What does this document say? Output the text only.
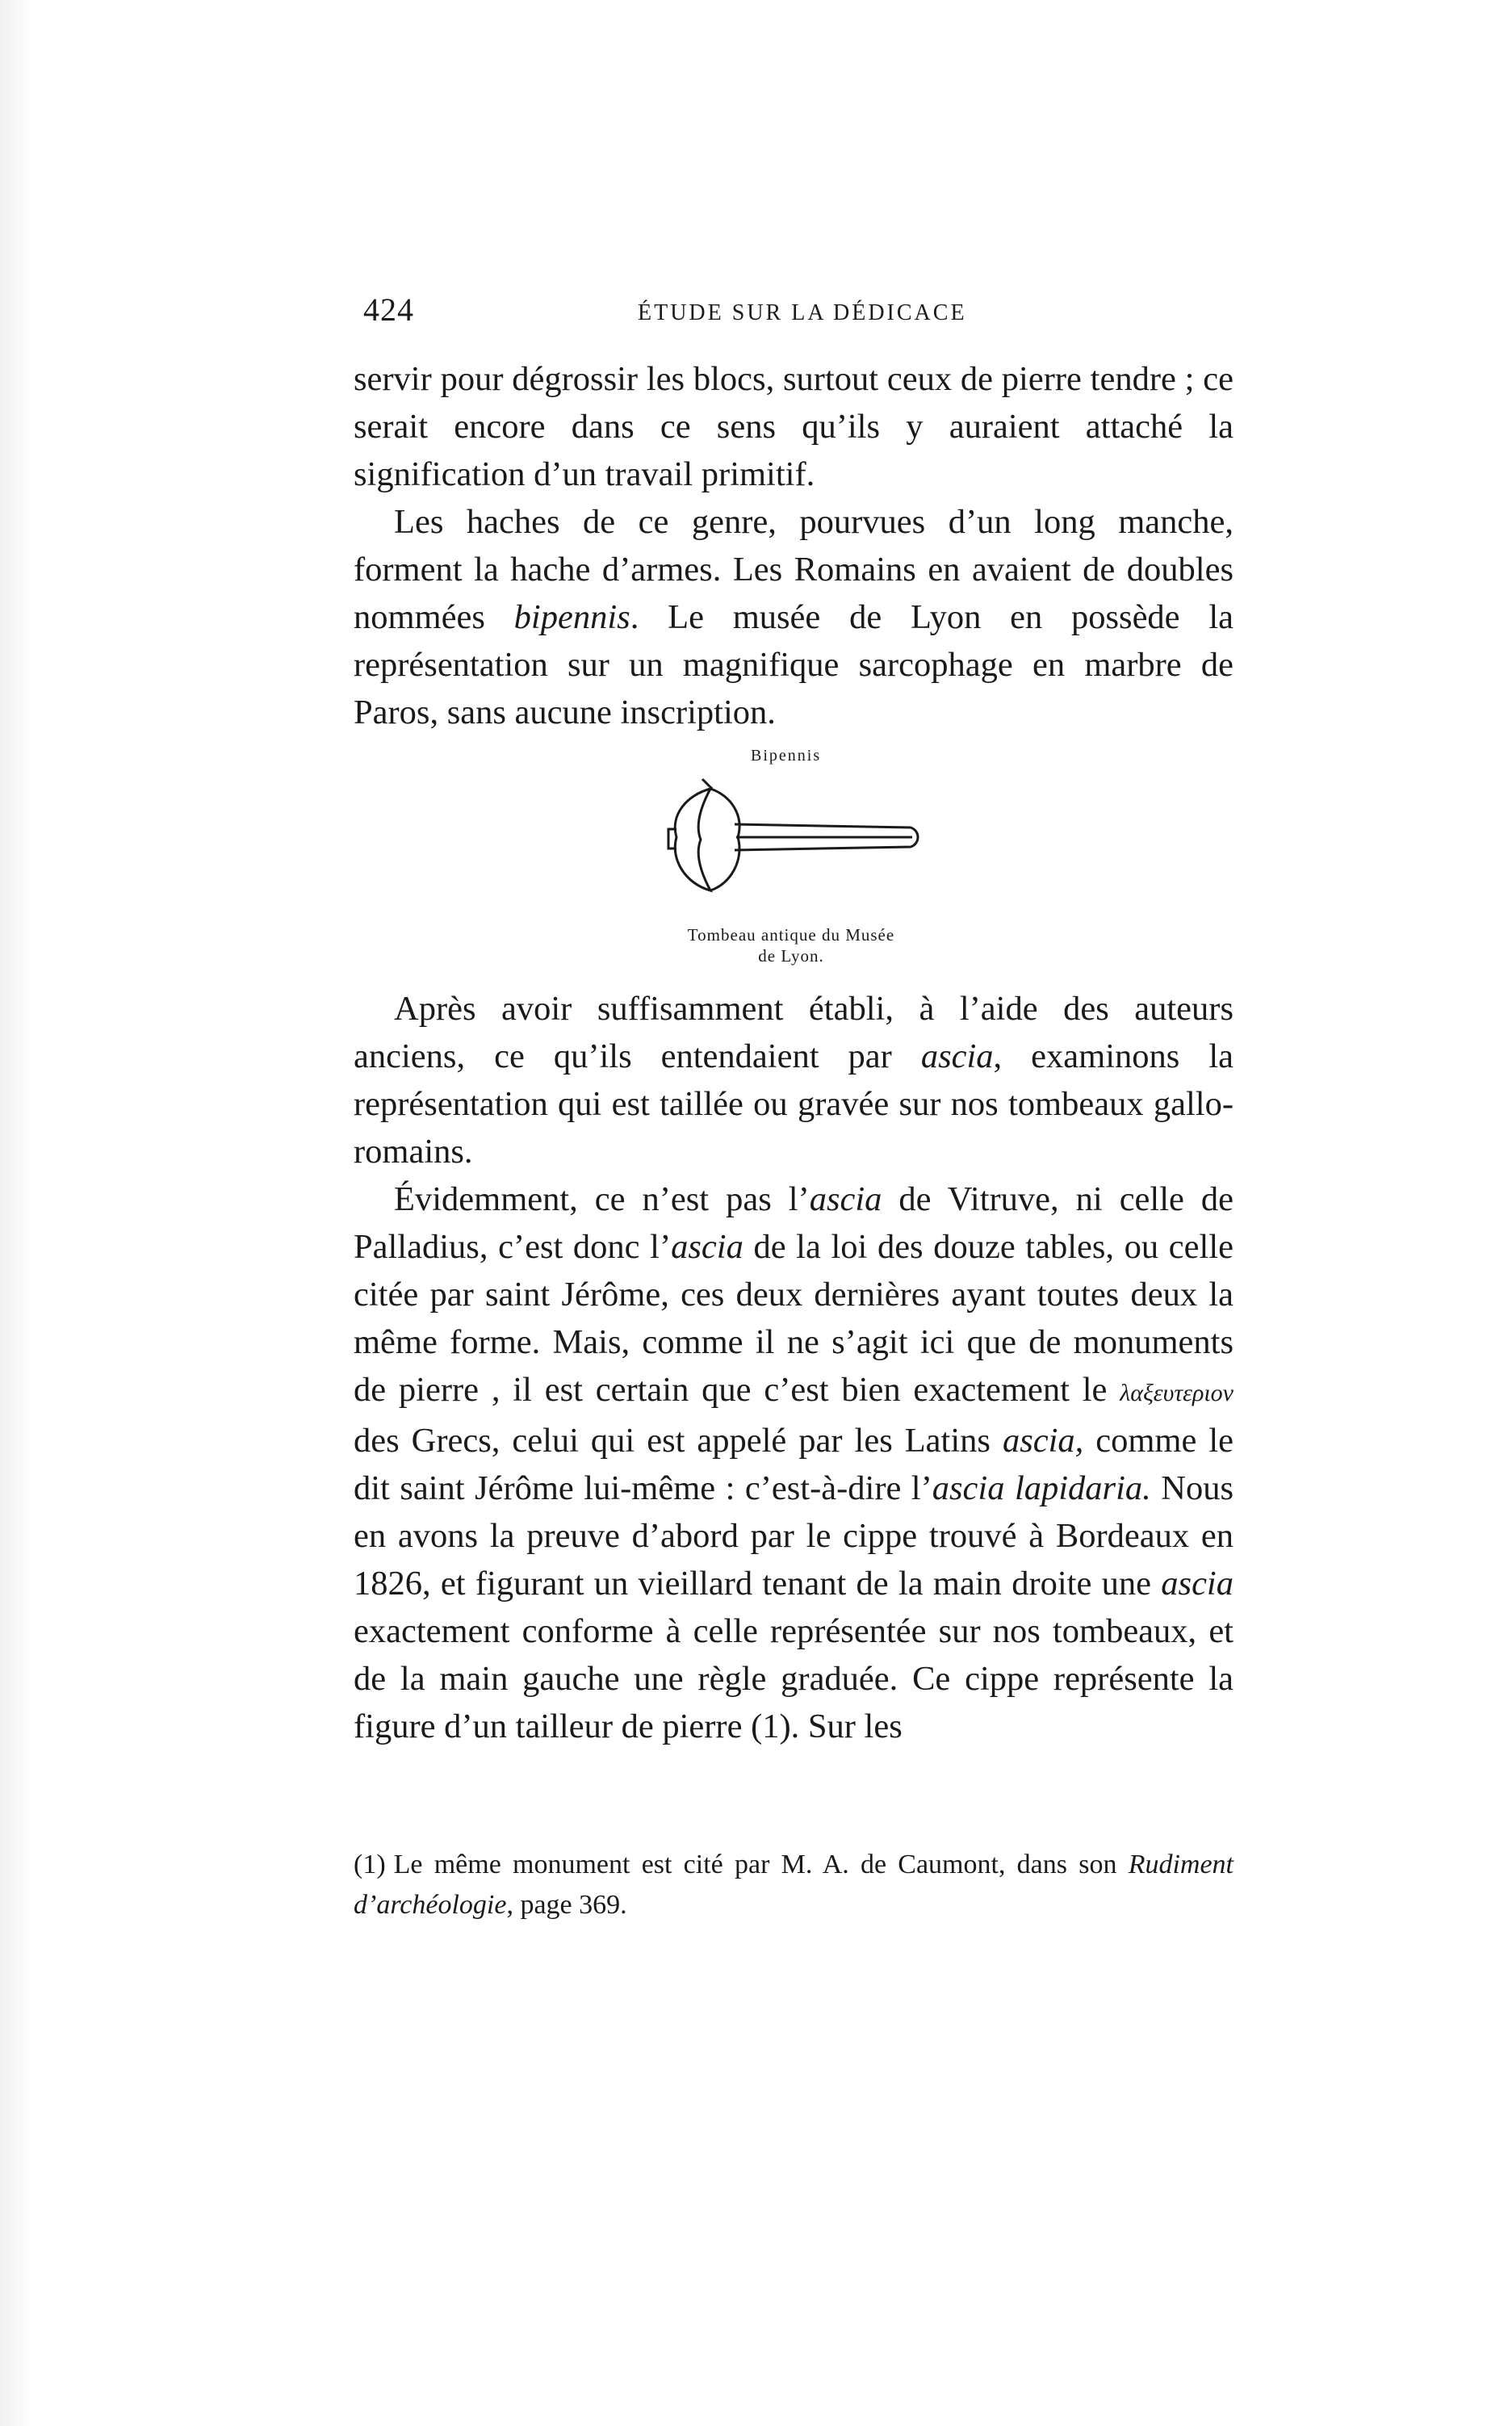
424	ÉTUDE SUR LA DÉDICACE

servir pour dégrossir les blocs, surtout ceux de pierre tendre ; ce serait encore dans ce sens qu’ils y auraient attaché la signification d’un travail primitif.

Les haches de ce genre, pourvues d’un long manche, forment la hache d’armes. Les Romains en avaient de doubles nommées bipennis. Le musée de Lyon en possède la représentation sur un magnifique sarcophage en marbre de Paros, sans aucune inscription.

Bipennis
Tombeau antique du Musée
de Lyon.

Après avoir suffisamment établi, à l’aide des auteurs anciens, ce qu’ils entendaient par ascia, examinons la représentation qui est taillée ou gravée sur nos tombeaux gallo-romains.

Évidemment, ce n’est pas l’ascia de Vitruve, ni celle de Palladius, c’est donc l’ascia de la loi des douze tables, ou celle citée par saint Jérôme, ces deux dernières ayant toutes deux la même forme. Mais, comme il ne s’agit ici que de monuments de pierre , il est certain que c’est bien exactement le λαξευτεριον des Grecs, celui qui est appelé par les Latins ascia, comme le dit saint Jérôme lui-même : c’est-à-dire l’ascia lapidaria. Nous en avons la preuve d’abord par le cippe trouvé à Bordeaux en 1826, et figurant un vieillard tenant de la main droite une ascia exactement conforme à celle représentée sur nos tombeaux, et de la main gauche une règle graduée. Ce cippe représente la figure d’un tailleur de pierre (1). Sur les

(1) Le même monument est cité par M. A. de Caumont, dans son Rudiment d’archéologie, page 369.
